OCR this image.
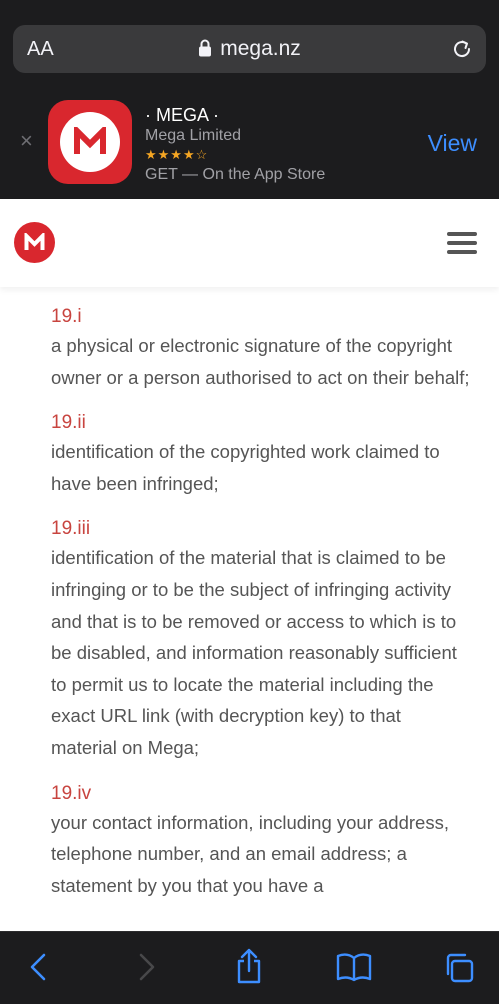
AA	mega.nz
×
· MEGA ·
Mega Limited
★★★★☆
GET — On the App Store
View
19.i
a physical or electronic signature of the copyright owner or a person authorised to act on their behalf;
19.ii
identification of the copyrighted work claimed to have been infringed;
19.iii
identification of the material that is claimed to be infringing or to be the subject of infringing activity and that is to be removed or access to which is to be disabled, and information reasonably sufficient to permit us to locate the material including the exact URL link (with decryption key) to that material on Mega;
19.iv
your contact information, including your address, telephone number, and an email address; a statement by you that you have a
